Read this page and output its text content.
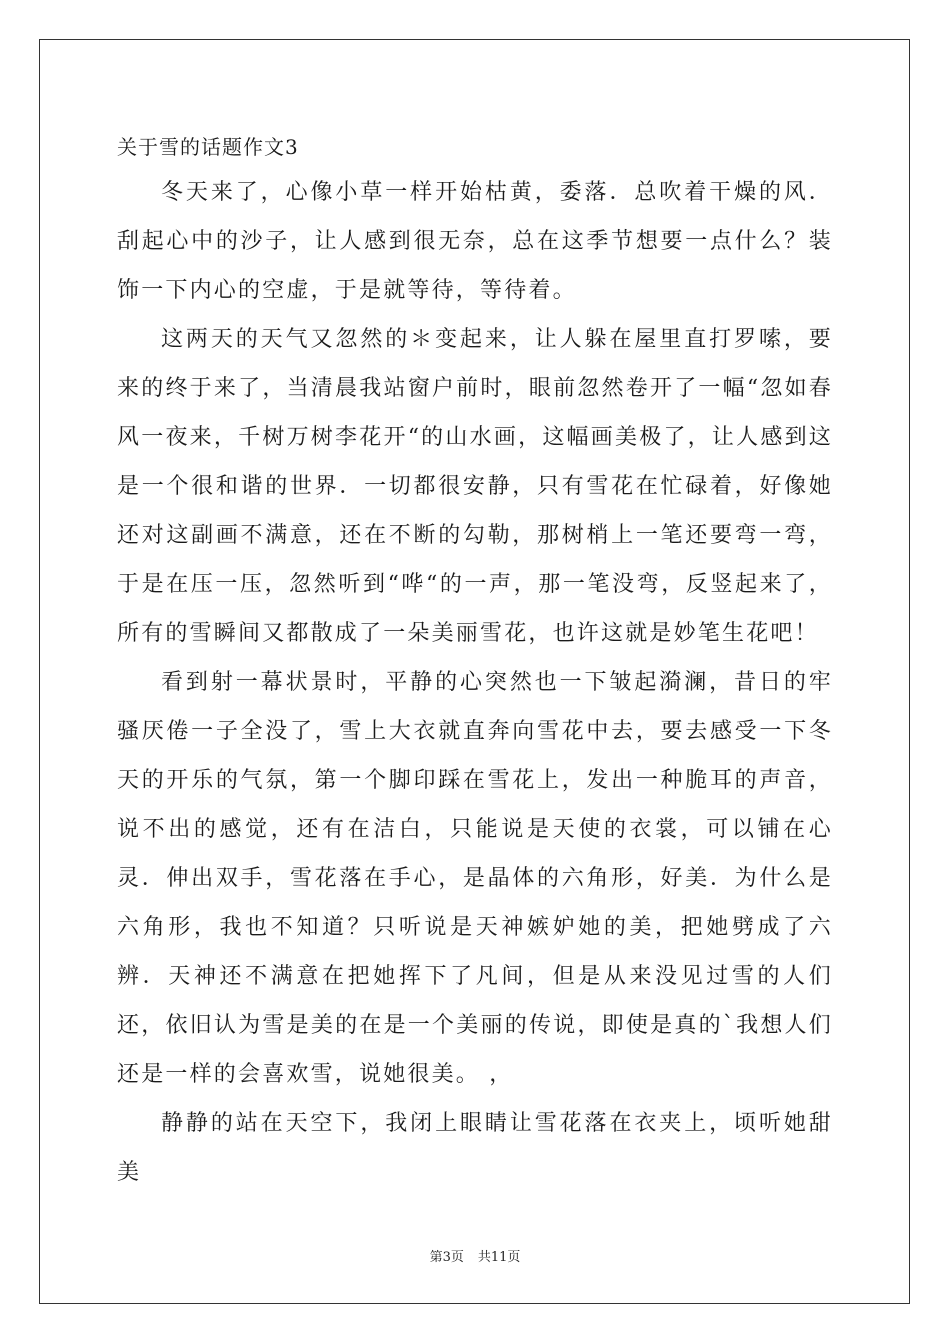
关于雪的话题作文3

冬天来了，心像小草一样开始枯黄，委落．总吹着干燥的风．刮起心中的沙子，让人感到很无奈，总在这季节想要一点什么？装饰一下内心的空虚，于是就等待，等待着。

这两天的天气又忽然的＊变起来，让人躲在屋里直打罗嗦，要来的终于来了，当清晨我站窗户前时，眼前忽然卷开了一幅“忽如春风一夜来，千树万树李花开“的山水画，这幅画美极了，让人感到这是一个很和谐的世界．一切都很安静，只有雪花在忙碌着，好像她还对这副画不满意，还在不断的勾勒，那树梢上一笔还要弯一弯，于是在压一压，忽然听到“哗“的一声，那一笔没弯，反竖起来了，所有的雪瞬间又都散成了一朵美丽雪花，也许这就是妙笔生花吧！

看到射一幕状景时，平静的心突然也一下皱起漪澜，昔日的牢骚厌倦一子全没了，雪上大衣就直奔向雪花中去，要去感受一下冬天的开乐的气氛，第一个脚印踩在雪花上，发出一种脆耳的声音，说不出的感觉，还有在洁白，只能说是天使的衣裳，可以铺在心灵．伸出双手，雪花落在手心，是晶体的六角形，好美．为什么是六角形，我也不知道？只听说是天神嫉妒她的美，把她劈成了六辨．天神还不满意在把她挥下了凡间，但是从来没见过雪的人们还，依旧认为雪是美的在是一个美丽的传说，即使是真的`我想人们还是一样的会喜欢雪，说她很美。 ，

静静的站在天空下，我闭上眼睛让雪花落在衣夹上，顷听她甜美

第3页 共11页
